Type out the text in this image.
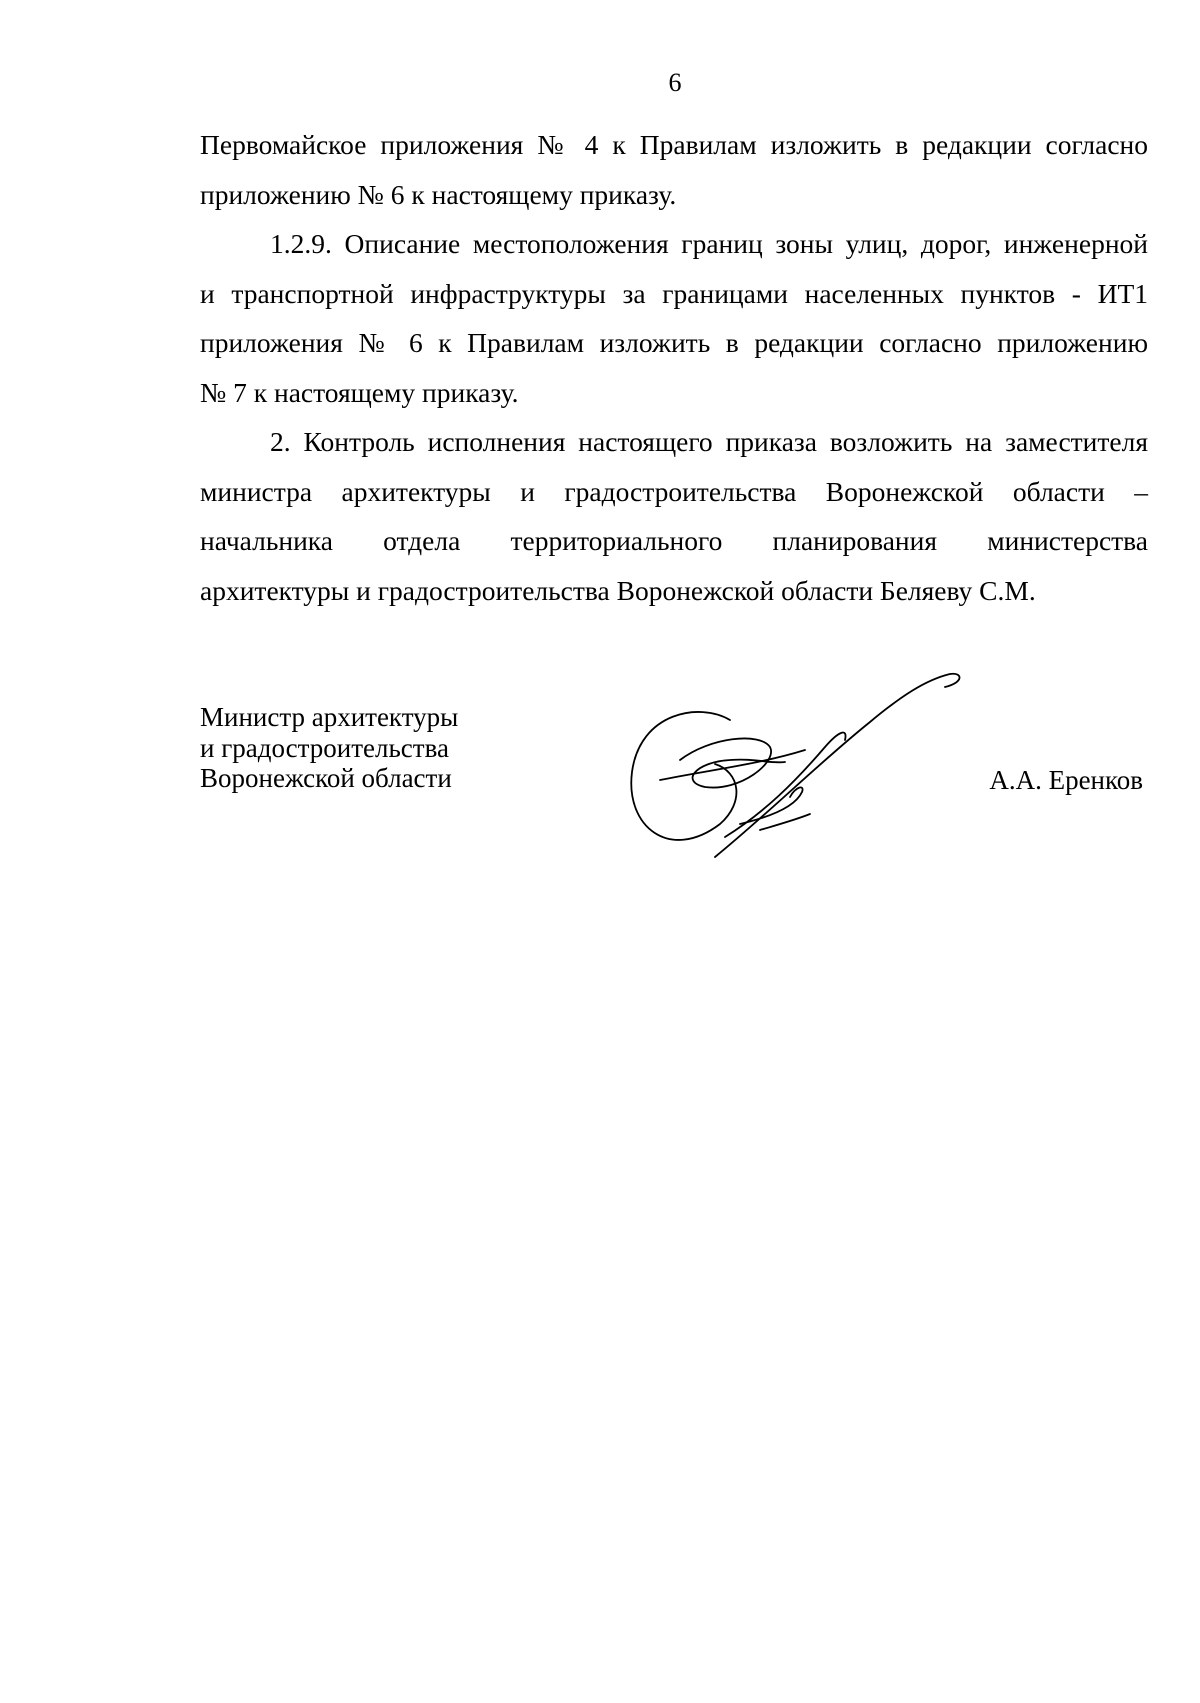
6

Первомайское приложения № 4 к Правилам изложить в редакции согласно
приложению № 6 к настоящему приказу.

1.2.9. Описание местоположения границ зоны улиц, дорог, инженерной
и транспортной инфраструктуры за границами населенных пунктов - ИТ1
приложения № 6 к Правилам изложить в редакции согласно приложению
№ 7 к настоящему приказу.

2. Контроль исполнения настоящего приказа возложить на заместителя
министра архитектуры и градостроительства Воронежской области –
начальника отдела территориального планирования министерства
архитектуры и градостроительства Воронежской области Беляеву С.М.

Министр архитектуры
и градостроительства
Воронежской области	А.А. Еренков
